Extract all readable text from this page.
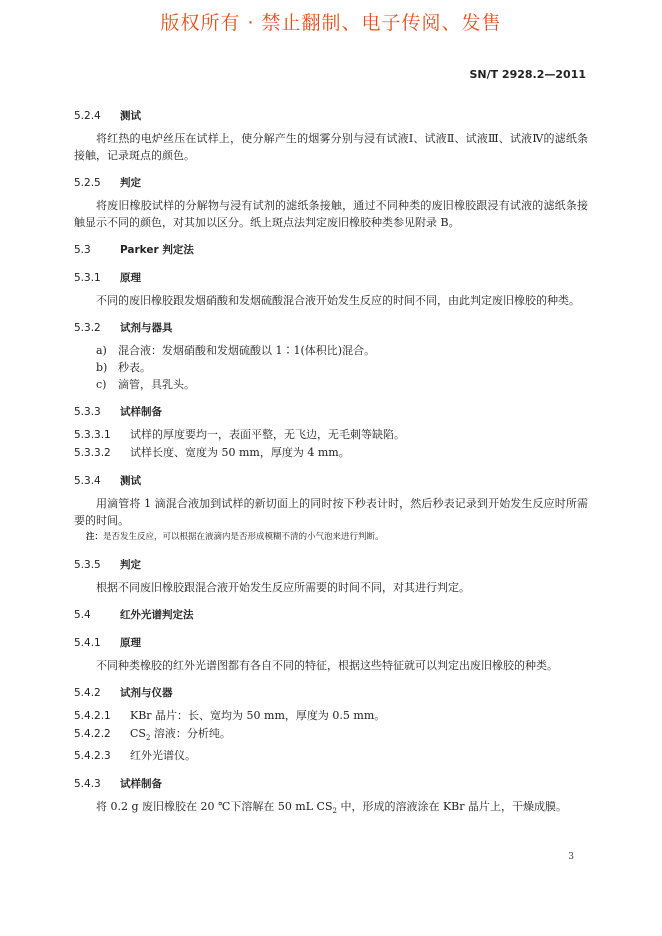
版权所有 · 禁止翻制、电子传阅、发售
SN/T 2928.2—2011

5.2.4 测试

将红热的电炉丝压在试样上，使分解产生的烟雾分别与浸有试液Ⅰ、试液Ⅱ、试液Ⅲ、试液Ⅳ的滤纸条接触，记录斑点的颜色。

5.2.5 判定

将废旧橡胶试样的分解物与浸有试剂的滤纸条接触，通过不同种类的废旧橡胶跟浸有试液的滤纸条接触显示不同的颜色，对其加以区分。纸上斑点法判定废旧橡胶种类参见附录 B。

5.3	Parker 判定法

5.3.1 原理

不同的废旧橡胶跟发烟硝酸和发烟硫酸混合液开始发生反应的时间不同，由此判定废旧橡胶的种类。

5.3.2 试剂与器具

a) 混合液：发烟硝酸和发烟硫酸以 1∶1(体积比)混合。

b) 秒表。

c) 滴管，具乳头。

5.3.3 试样制备

5.3.3.1 试样的厚度要均一，表面平整，无飞边，无毛刺等缺陷。

5.3.3.2 试样长度、宽度为 50 mm，厚度为 4 mm。

5.3.4 测试

用滴管将 1 滴混合液加到试样的新切面上的同时按下秒表计时，然后秒表记录到开始发生反应时所需要的时间。

注：是否发生反应，可以根据在液滴内是否形成模糊不清的小气泡来进行判断。

5.3.5 判定

根据不同废旧橡胶跟混合液开始发生反应所需要的时间不同，对其进行判定。

5.4	红外光谱判定法

5.4.1 原理

不同种类橡胶的红外光谱图都有各自不同的特征，根据这些特征就可以判定出废旧橡胶的种类。

5.4.2 试剂与仪器

5.4.2.1 KBr 晶片：长、宽均为 50 mm，厚度为 0.5 mm。

5.4.2.2 $CS_2$ 溶液：分析纯。

5.4.2.3 红外光谱仪。

5.4.3 试样制备

将 0.2 g 废旧橡胶在 20 ℃下溶解在 50 mL $CS_2$ 中，形成的溶液涂在 KBr 晶片上，干燥成膜。

3
